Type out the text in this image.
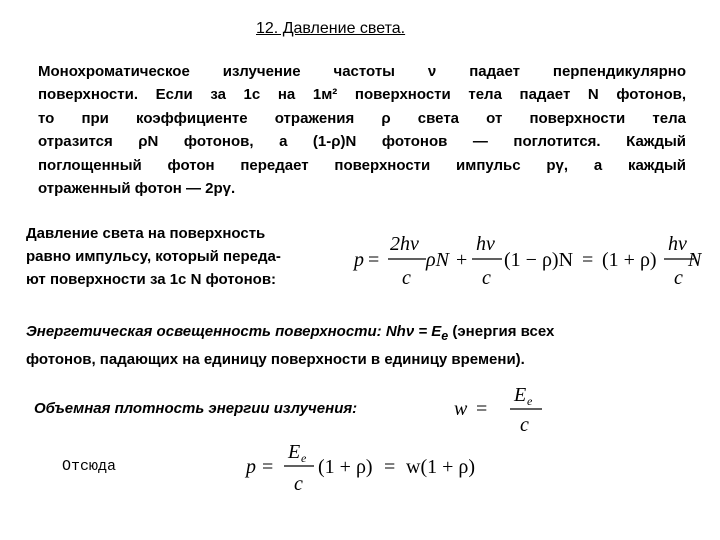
12. Давление света.
Монохроматическое излучение частоты ν падает перпендикулярно
поверхности. Если за 1с на 1м² поверхности тела падает N фотонов,
то при коэффициенте отражения ρ света от поверхности тела
отразится ρN фотонов, а (1-ρ)N фотонов — поглотится. Каждый
поглощенный фотон передает поверхности импульс pγ, а каждый
отраженный фотон — 2pγ.
Давление света на поверхность
равно импульсу, который переда-
ют поверхности за 1с N фотонов:
p =
2hν
c
ρN +
hν
c
(1 − ρ)N = (1 + ρ)
hν
c
N
Энергетическая освещенность поверхности: $Nh\nu = E_e$ (энергия всех
фотонов, падающих на единицу поверхности в единицу времени).
Объемная плотность энергии излучения:	w =
E e
c
Отсюда	p =
E e
c
(1 + ρ) = w(1 + ρ)
